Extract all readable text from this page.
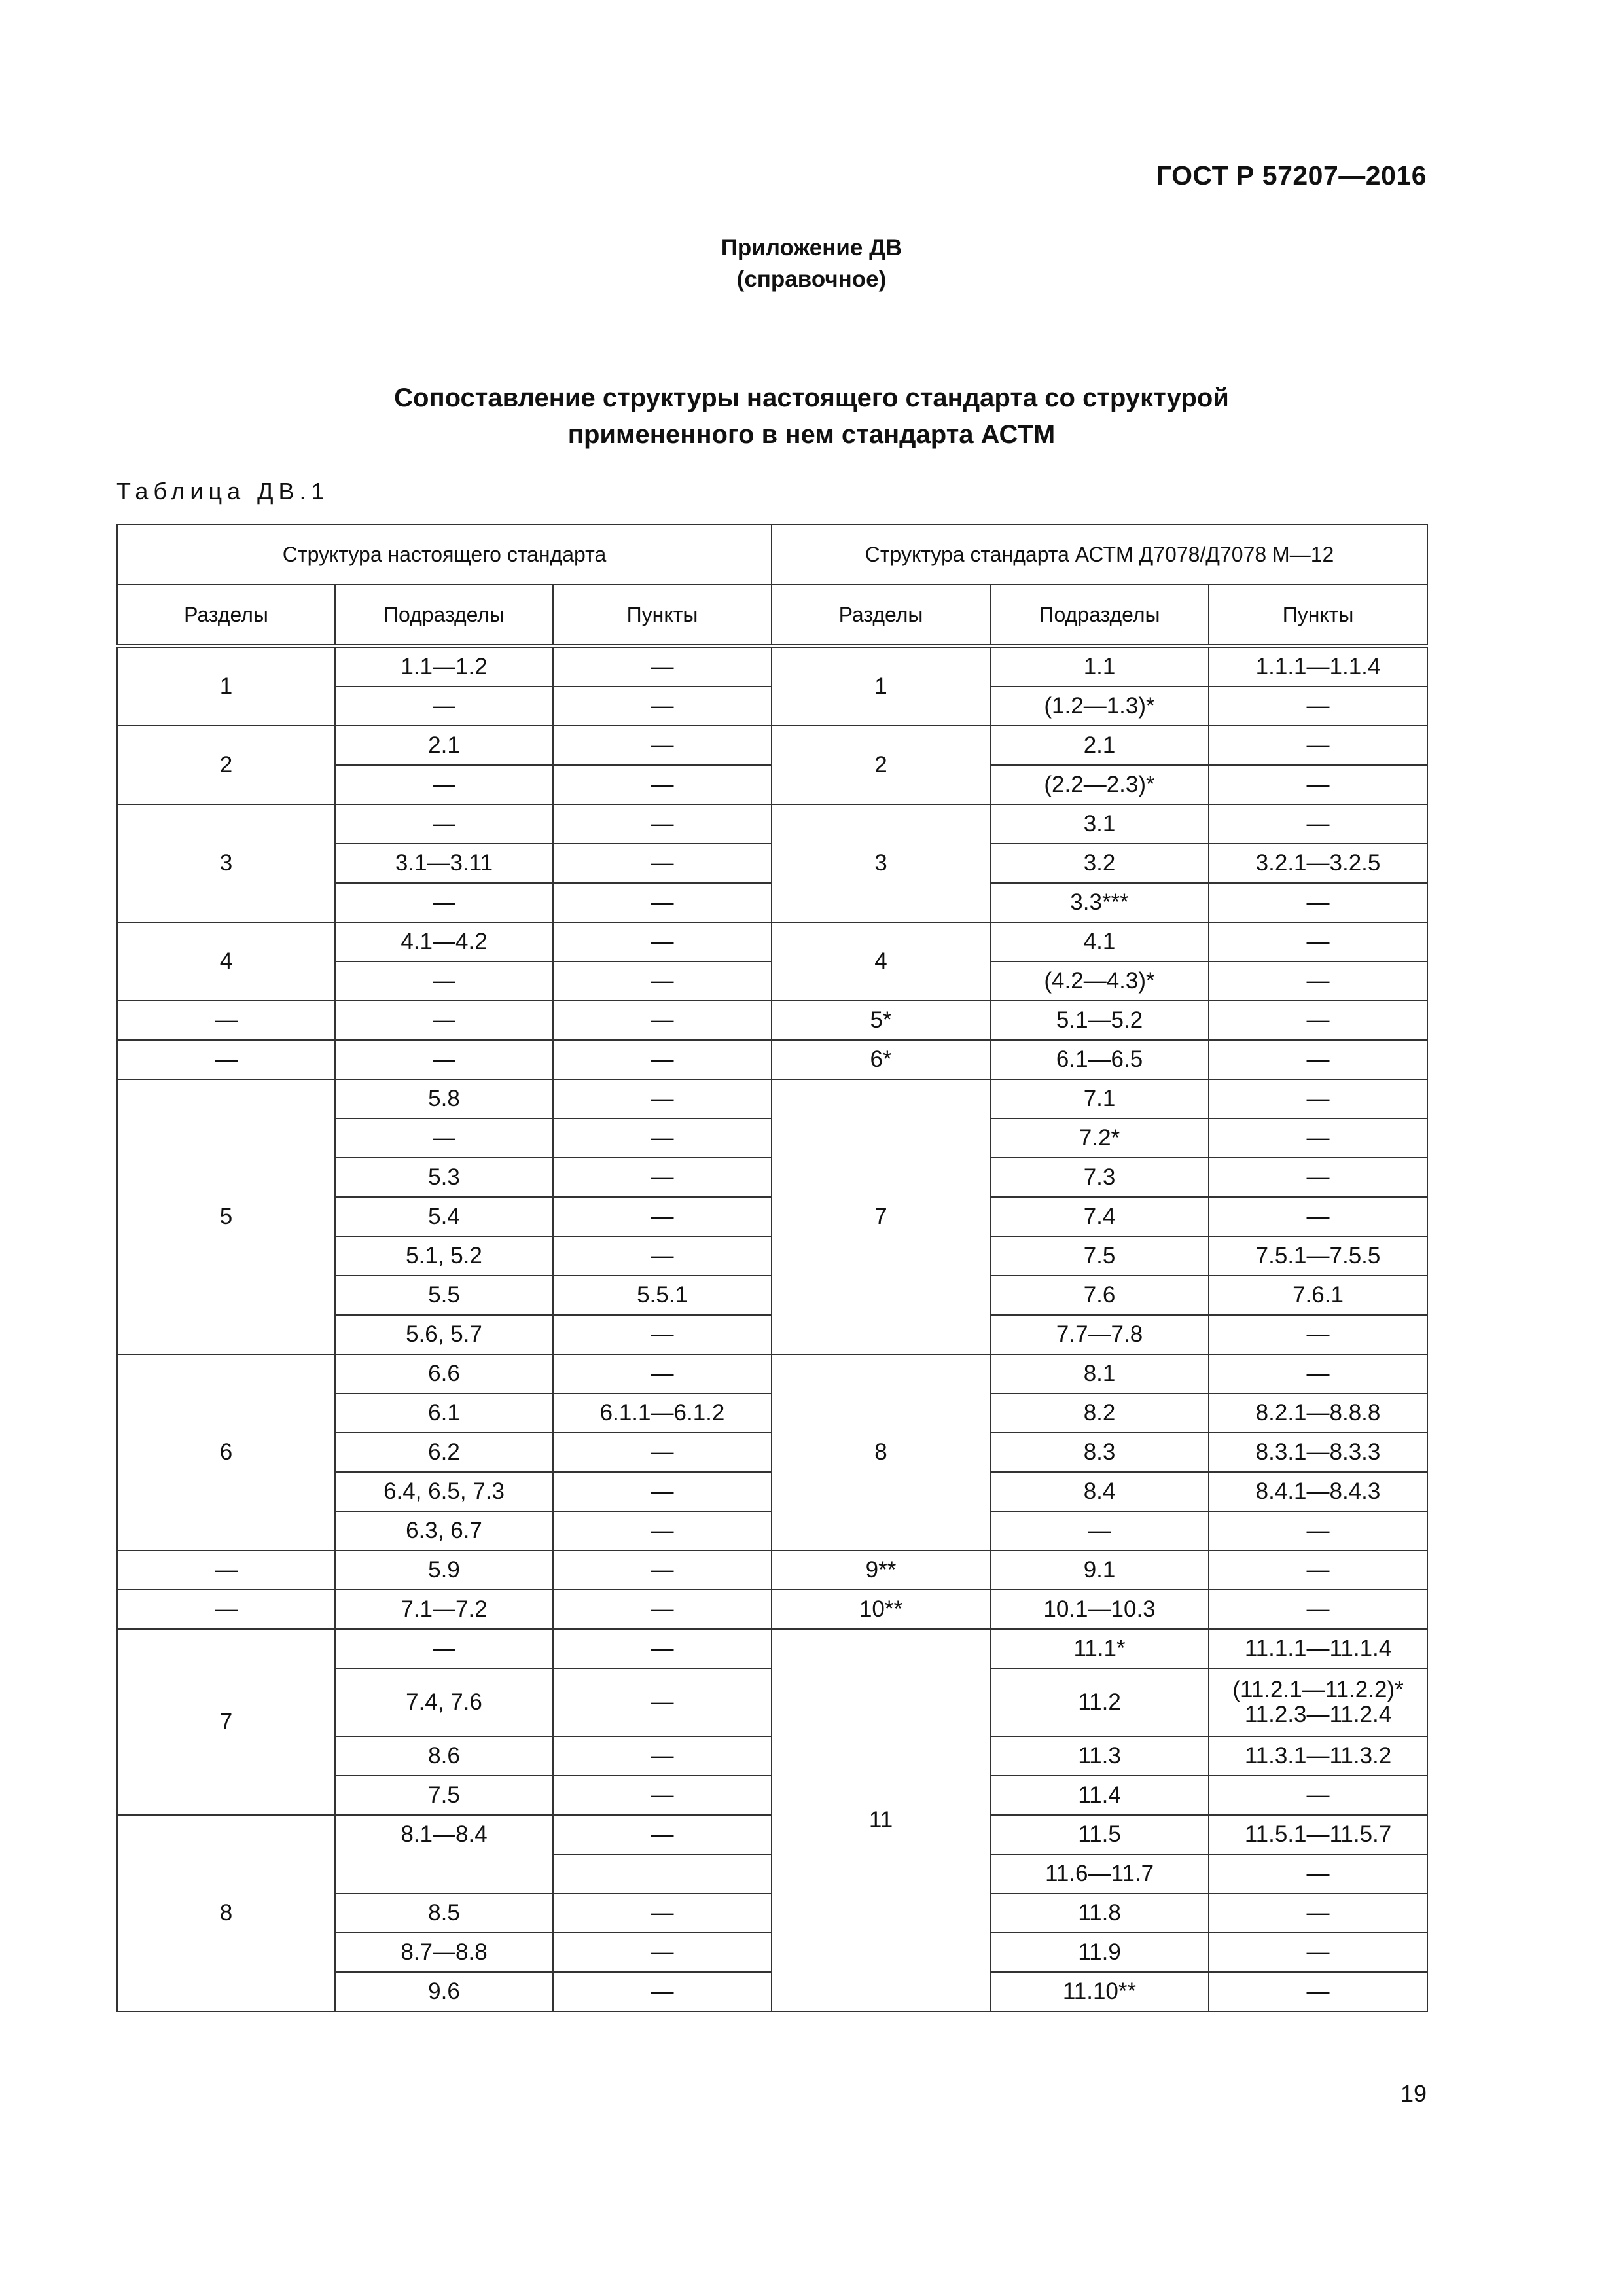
ГОСТ Р 57207—2016
Приложение ДВ
(справочное)
Сопоставление структуры настоящего стандарта со структурой
примененного в нем стандарта АСТМ
Таблица ДВ.1
Структура настоящего стандарта			Структура стандарта АСТМ Д7078/Д7078 М—12		
Разделы	Подразделы	Пункты	Разделы	Подразделы	Пункты
1	1.1—1.2	—	1	1.1	1.1.1—1.1.4
	—	—		(1.2—1.3)*	—
2	2.1	—	2	2.1	—
	—	—		(2.2—2.3)*	—
3	—	—	3	3.1	—
	3.1—3.11	—		3.2	3.2.1—3.2.5
	—	—		3.3***	—
4	4.1—4.2	—	4	4.1	—
	—	—		(4.2—4.3)*	—
—	—	—	5*	5.1—5.2	—
—	—	—	6*	6.1—6.5	—
5	5.8	—	7	7.1	—
	—	—		7.2*	—
	5.3	—		7.3	—
	5.4	—		7.4	—
	5.1, 5.2	—		7.5	7.5.1—7.5.5
	5.5	5.5.1		7.6	7.6.1
	5.6, 5.7	—		7.7—7.8	—
6	6.6	—	8	8.1	—
	6.1	6.1.1—6.1.2		8.2	8.2.1—8.8.8
	6.2	—		8.3	8.3.1—8.3.3
	6.4, 6.5, 7.3	—		8.4	8.4.1—8.4.3
	6.3, 6.7	—		—	—
—	5.9	—	9**	9.1	—
—	7.1—7.2	—	10**	10.1—10.3	—
7	—	—	11	11.1*	11.1.1—11.1.4
	7.4, 7.6	—		11.2	(11.2.1—11.2.2)*
11.2.3—11.2.4

	8.6	—		11.3	11.3.1—11.3.2
	7.5	—		11.4	—
8	8.1—8.4	—		11.5	11.5.1—11.5.7
				11.6—11.7	—
	8.5	—		11.8	—
	8.7—8.8	—		11.9	—
	9.6	—		11.10**	—
19
